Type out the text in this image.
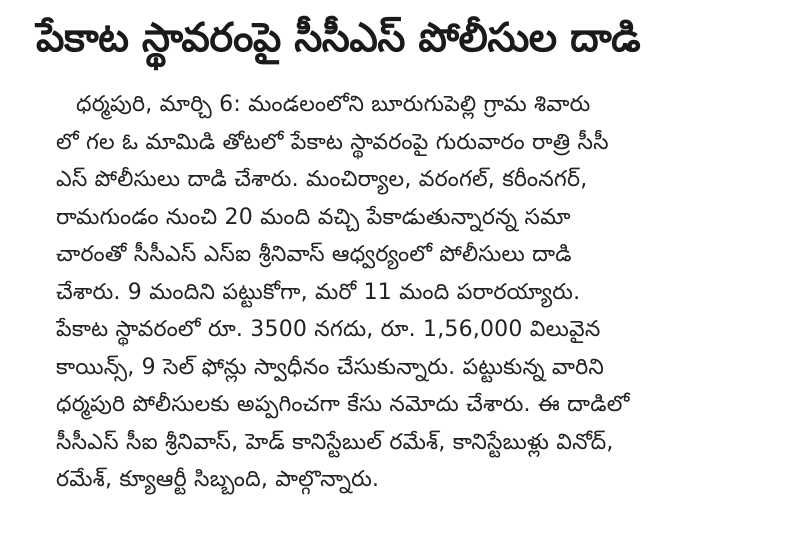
పేకాట స్థావరంపై సీసీఎస్ పోలీసుల దాడి
ధర్మపురి, మార్చి 6: మండలంలోని బూరుగుపెల్లి గ్రామ శివారు
లో గల ఓ మామిడి తోటలో పేకాట స్థావరంపై గురువారం రాత్రి సీసీ
ఎస్ పోలీసులు దాడి చేశారు. మంచిర్యాల, వరంగల్, కరీంనగర్,
రామగుండం నుంచి 20 మంది వచ్చి పేకాడుతున్నారన్న సమా
చారంతో సీసీఎస్ ఎస్ఐ శ్రీనివాస్ ఆధ్వర్యంలో పోలీసులు దాడి
చేశారు. 9 మందిని పట్టుకోగా, మరో 11 మంది పరారయ్యారు.
పేకాట స్థావరంలో రూ. 3500 నగదు, రూ. 1,56,000 విలువైన
కాయిన్స్, 9 సెల్ ఫోన్లు స్వాధీనం చేసుకున్నారు. పట్టుకున్న వారిని
ధర్మపురి పోలీసులకు అప్పగించగా కేసు నమోదు చేశారు. ఈ దాడిలో
సీసీఎస్ సీఐ శ్రీనివాస్, హెడ్ కానిస్టేబుల్ రమేశ్, కానిస్టేబుళ్లు వినోద్,
రమేశ్, క్యూఆర్టీ సిబ్బంది, పాల్గొన్నారు.
